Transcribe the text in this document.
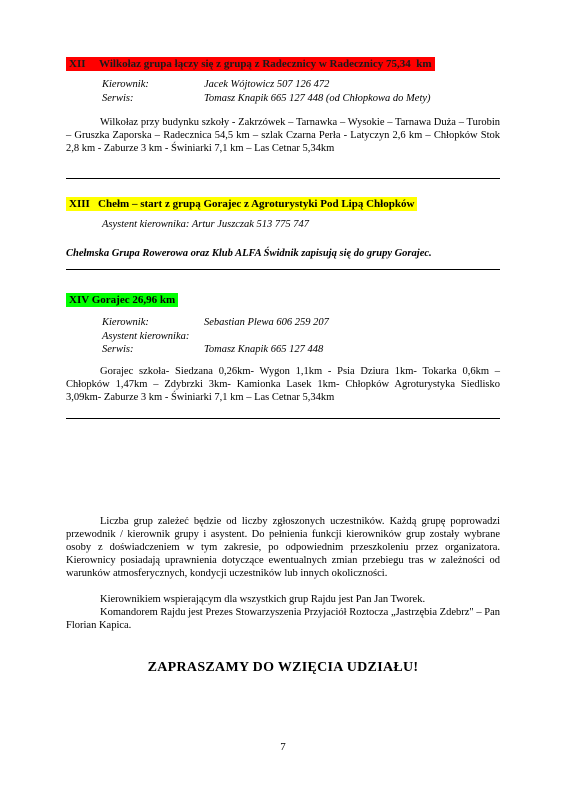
XII     Wilkołaz grupa łączy się z grupą z Radecznicy w Radecznicy 75,34  km
Kierownik:	Jacek Wójtowicz 507 126 472
Serwis:	Tomasz Knapik 665 127 448 (od Chłopkowa do Mety)
Wilkołaz przy budynku szkoły - Zakrzówek – Tarnawka – Wysokie – Tarnawa Duża – Turobin – Gruszka Zaporska – Radecznica 54,5 km – szlak Czarna Perła - Latyczyn 2,6 km – Chłopków Stok 2,8 km - Zaburze 3 km - Świniarki 7,1 km – Las Cetnar 5,34km
XIII   Chełm – start z grupą Gorajec z Agroturystyki Pod Lipą Chłopków
Asystent kierownika: Artur Juszczak 513 775 747
Chełmska Grupa Rowerowa oraz Klub ALFA Świdnik zapisują się do grupy Gorajec.
XIV Gorajec 26,96 km
Kierownik:	Sebastian Plewa 606 259 207
Asystent kierownika:
Serwis:	Tomasz Knapik 665 127 448
Gorajec szkoła- Siedzana 0,26km- Wygon 1,1km - Psia Dziura 1km- Tokarka 0,6km – Chłopków 1,47km – Zdybrzki 3km- Kamionka Lasek 1km- Chłopków Agroturystyka Siedlisko 3,09km- Zaburze 3 km - Świniarki 7,1 km – Las Cetnar 5,34km
Liczba grup zależeć będzie od liczby zgłoszonych uczestników. Każdą grupę poprowadzi przewodnik / kierownik grupy i asystent. Do pełnienia funkcji kierowników grup zostały wybrane osoby z doświadczeniem w tym zakresie, po odpowiednim przeszkoleniu przez organizatora. Kierownicy posiadają uprawnienia dotyczące ewentualnych zmian przebiegu tras w zależności od warunków atmosferycznych, kondycji uczestników lub innych okoliczności.
Kierownikiem wspierającym dla wszystkich grup Rajdu jest Pan Jan Tworek.
Komandorem Rajdu jest Prezes Stowarzyszenia Przyjaciół Roztocza „Jastrzębia Zdebrz" – Pan Florian Kapica.
ZAPRASZAMY DO WZIĘCIA UDZIAŁU!
7
